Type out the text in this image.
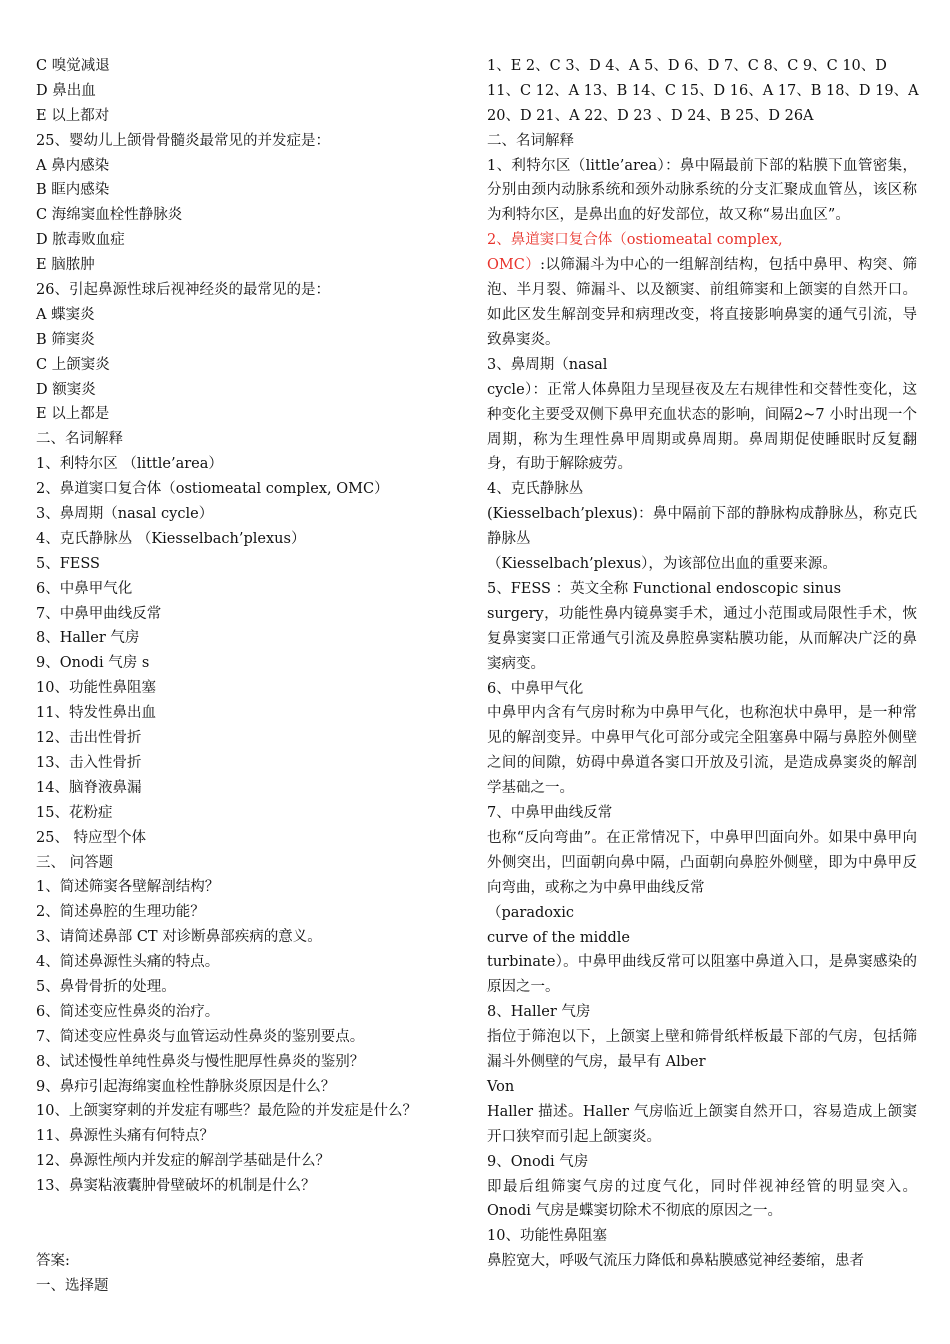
C 嗅觉减退
D 鼻出血
E 以上都对
25、婴幼儿上颌骨骨髓炎最常见的并发症是：
A 鼻内感染
B 眶内感染
C 海绵窦血栓性静脉炎
D 脓毒败血症
E 脑脓肿
26、引起鼻源性球后视神经炎的最常见的是：
A 蝶窦炎
B 筛窦炎
C 上颌窦炎
D 额窦炎
E 以上都是
二、名词解释
1、利特尔区 （little’area）
2、鼻道窦口复合体（ostiomeatal complex, OMC）
3、鼻周期（nasal cycle）
4、克氏静脉丛 （Kiesselbach’plexus）
5、FESS
6、中鼻甲气化
7、中鼻甲曲线反常
8、Haller 气房
9、Onodi 气房 s
10、功能性鼻阻塞
11、特发性鼻出血
12、击出性骨折
13、击入性骨折
14、脑脊液鼻漏
15、花粉症
25、 特应型个体
三、 问答题
1、简述筛窦各壁解剖结构？
2、简述鼻腔的生理功能？
3、请简述鼻部 CT 对诊断鼻部疾病的意义。
4、简述鼻源性头痛的特点。
5、鼻骨骨折的处理。
6、简述变应性鼻炎的治疗。
7、简述变应性鼻炎与血管运动性鼻炎的鉴别要点。
8、试述慢性单纯性鼻炎与慢性肥厚性鼻炎的鉴别？
9、鼻疖引起海绵窦血栓性静脉炎原因是什么？
10、上颌窦穿刺的并发症有哪些？最危险的并发症是什么？
11、鼻源性头痛有何特点？
12、鼻源性颅内并发症的解剖学基础是什么？
13、鼻窦粘液囊肿骨壁破坏的机制是什么？
答案:
一、选择题
1、E 2、C 3、D 4、A 5、D 6、D 7、C 8、C 9、C 10、D
11、C 12、A 13、B 14、C 15、D 16、A 17、B 18、D 19、A
20、D 21、A 22、D 23 、D 24、B 25、D 26A
二、名词解释
1、利特尔区（little’area）：鼻中隔最前下部的粘膜下血管密集，分别由颈内动脉系统和颈外动脉系统的分支汇聚成血管丛，该区称为利特尔区，是鼻出血的好发部位，故又称“易出血区”。
2、鼻道窦口复合体（ostiomeatal complex,
OMC）:以筛漏斗为中心的一组解剖结构，包括中鼻甲、构突、筛泡、半月裂、筛漏斗、以及额窦、前组筛窦和上颌窦的自然开口。如此区发生解剖变异和病理改变，将直接影响鼻窦的通气引流，导致鼻窦炎。
3、鼻周期（nasal
cycle）：正常人体鼻阻力呈现昼夜及左右规律性和交替性变化，这种变化主要受双侧下鼻甲充血状态的影响，间隔2~7 小时出现一个周期，称为生理性鼻甲周期或鼻周期。鼻周期促使睡眠时反复翻身，有助于解除疲劳。
4、克氏静脉丛
(Kiesselbach’plexus)：鼻中隔前下部的静脉构成静脉丛，称克氏静脉丛
（Kiesselbach’plexus），为该部位出血的重要来源。
5、FESS ：英文全称 Functional endoscopic sinus
surgery，功能性鼻内镜鼻窦手术，通过小范围或局限性手术，恢复鼻窦窦口正常通气引流及鼻腔鼻窦粘膜功能，从而解决广泛的鼻窦病变。
6、中鼻甲气化
中鼻甲内含有气房时称为中鼻甲气化，也称泡状中鼻甲，是一种常见的解剖变异。中鼻甲气化可部分或完全阻塞鼻中隔与鼻腔外侧壁之间的间隙，妨碍中鼻道各窦口开放及引流，是造成鼻窦炎的解剖学基础之一。
7、中鼻甲曲线反常
也称“反向弯曲”。在正常情况下，中鼻甲凹面向外。如果中鼻甲向外侧突出，凹面朝向鼻中隔，凸面朝向鼻腔外侧壁，即为中鼻甲反向弯曲，或称之为中鼻甲曲线反常
（paradoxic
curve of the middle
turbinate）。中鼻甲曲线反常可以阻塞中鼻道入口，是鼻窦感染的原因之一。
8、Haller 气房
指位于筛泡以下，上颌窦上壁和筛骨纸样板最下部的气房，包括筛漏斗外侧壁的气房，最早有 Alber
Von
Haller 描述。Haller 气房临近上颌窦自然开口，容易造成上颌窦开口狭窄而引起上颌窦炎。
9、Onodi 气房
即最后组筛窦气房的过度气化，同时伴视神经管的明显突入。Onodi 气房是蝶窦切除术不彻底的原因之一。
10、功能性鼻阻塞
鼻腔宽大，呼吸气流压力降低和鼻粘膜感觉神经萎缩，患者
